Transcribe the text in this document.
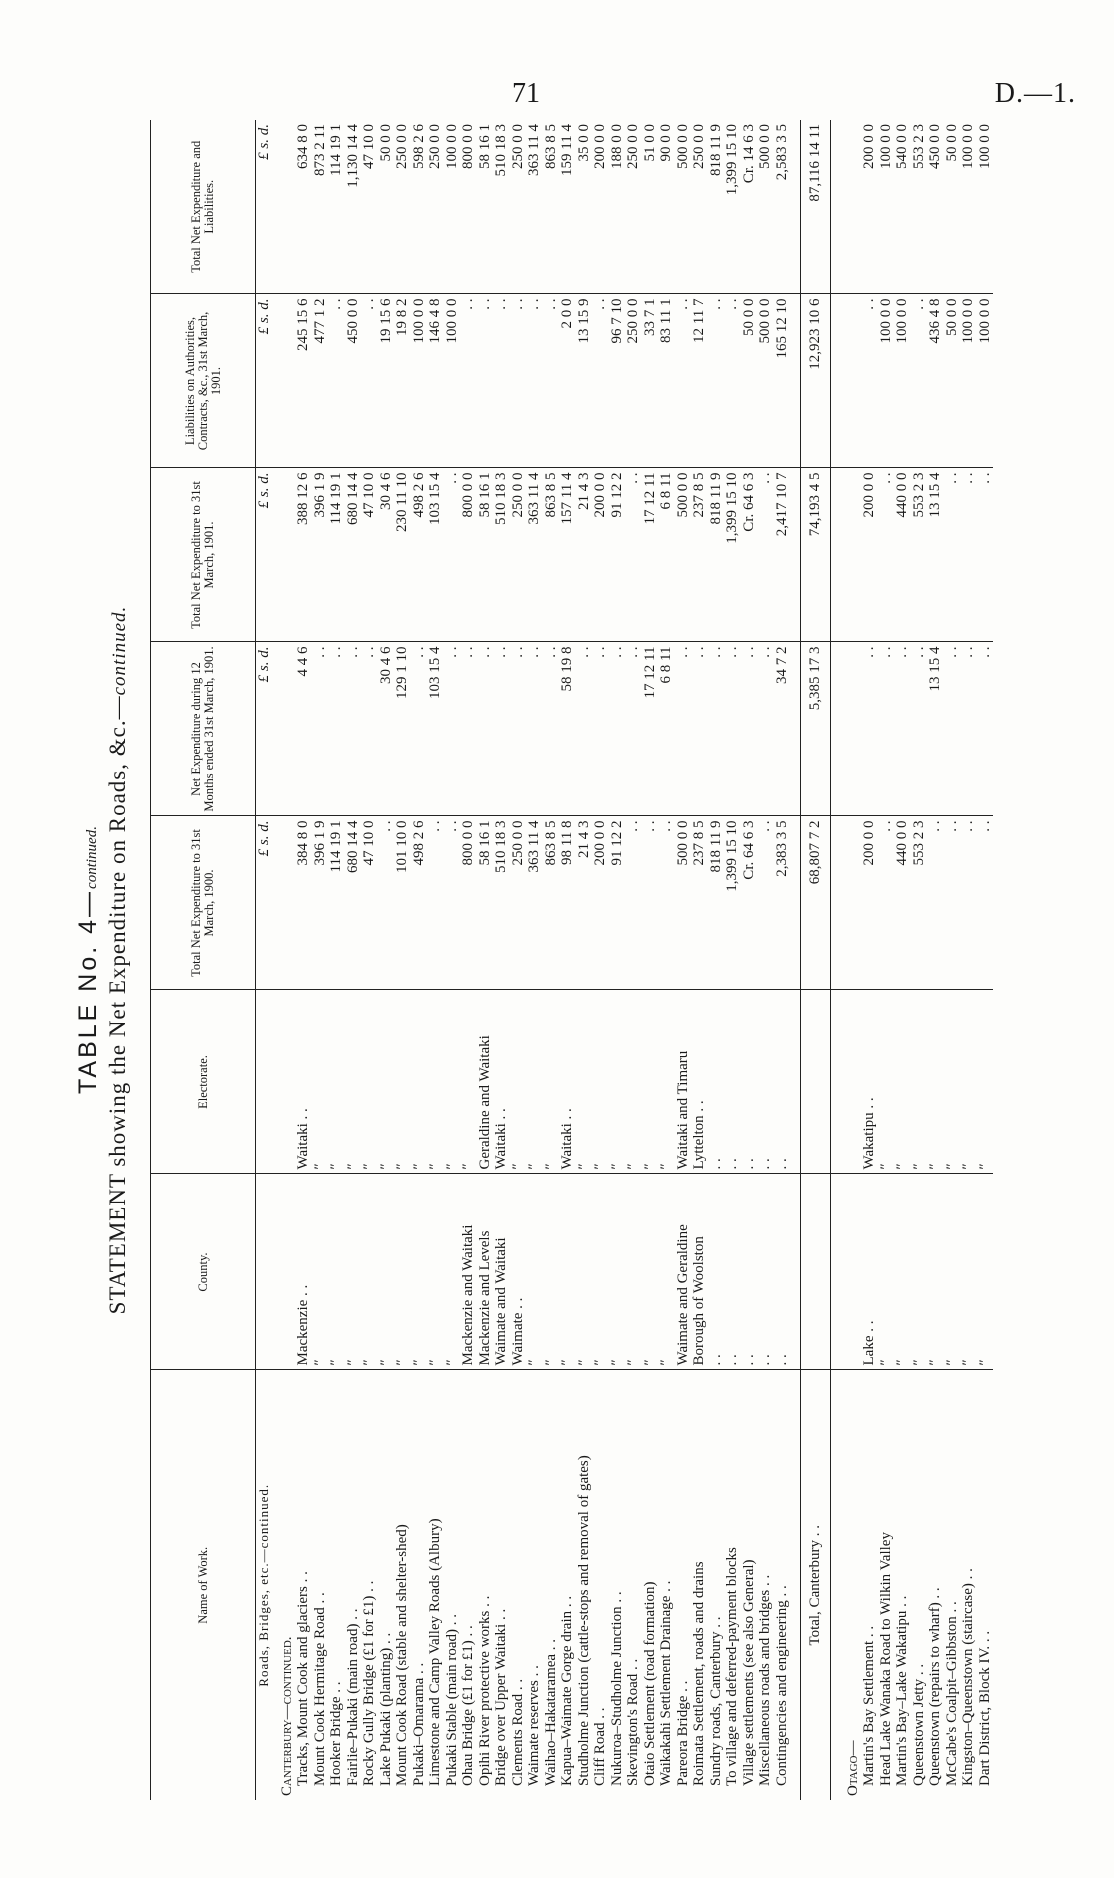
71	D.—1.
TABLE No. 4—continued. STATEMENT showing the Net Expenditure on Roads, &c.—continued.
Name of Work.	County.	Electorate.	Total Net Expenditure to 31st March, 1900.	Net Expenditure during 12 Months ended 31st March, 1901.	Total Net Expenditure to 31st March, 1901.	Liabilities on Authorities, Contracts, &c., 31st March, 1901.	Total Net Expenditure and Liabilities.
Roads, Bridges, etc.—continued.			£ s. d.	£ s. d.	£ s. d.	£ s. d.	£ s. d.
Canterbury—continued.							
Tracks, Mount Cook and glaciers . .	Mackenzie . .	Waitaki . .	384 8 0	4 4 6	388 12 6	245 15 6	634 8 0
Mount Cook Hermitage Road . .	″	″	396 1 9	. .	396 1 9	477 1 2	873 2 11
Hooker Bridge . .	″	″	114 19 1	. .	114 19 1	. .	114 19 1
Fairlie–Pukaki (main road) . .	″	″	680 14 4	. .	680 14 4	450 0 0	1,130 14 4
Rocky Gully Bridge (£1 for £1) . .	″	″	47 10 0	. .	47 10 0	. .	47 10 0
Lake Pukaki (planting) . .	″	″	. .	30 4 6	30 4 6	19 15 6	50 0 0
Mount Cook Road (stable and shelter-shed)	″	″	101 10 0	129 1 10	230 11 10	19 8 2	250 0 0
Pukaki–Omarama . .	″	″	498 2 6	. .	498 2 6	100 0 0	598 2 6
Limestone and Camp Valley Roads (Albury)	″	″	. .	103 15 4	103 15 4	146 4 8	250 0 0
Pukaki Stable (main road) . .	″	″	. .	. .	. .	100 0 0	100 0 0
Ohau Bridge (£1 for £1) . .	Mackenzie and Waitaki	″	800 0 0	. .	800 0 0	. .	800 0 0
Opihi River protective works . .	Mackenzie and Levels	Geraldine and Waitaki	58 16 1	. .	58 16 1	. .	58 16 1
Bridge over Upper Waitaki . .	Waimate and Waitaki	Waitaki . .	510 18 3	. .	510 18 3	. .	510 18 3
Clements Road . .	Waimate . .	″	250 0 0	. .	250 0 0	. .	250 0 0
Waimate reserves . .	″	″	363 11 4	. .	363 11 4	. .	363 11 4
Waihao–Hakataramea . .	″	″	863 8 5	. .	863 8 5	. .	863 8 5
Kapua–Waimate Gorge drain . .	″	Waitaki . .	98 11 8	58 19 8	157 11 4	2 0 0	159 11 4
Studholme Junction (cattle-stops and removal of gates)	″	″	21 4 3	. .	21 4 3	13 15 9	35 0 0
Cliff Road . .	″	″	200 0 0	. .	200 0 0	. .	200 0 0
Nukuroa–Studholme Junction . .	″	″	91 12 2	. .	91 12 2	96 7 10	188 0 0
Skevington's Road . .	″	″	. .	. .	. .	250 0 0	250 0 0
Otaio Settlement (road formation)	″	″	. .	17 12 11	17 12 11	33 7 1	51 0 0
Waikakahi Settlement Drainage . .	″	″	. .	6 8 11	6 8 11	83 11 1	90 0 0
Pareora Bridge . .	Waimate and Geraldine	Waitaki and Timaru	500 0 0	. .	500 0 0	. .	500 0 0
Roimata Settlement, roads and drains	Borough of Woolston	Lyttelton . .	237 8 5	. .	237 8 5	12 11 7	250 0 0
Sundry roads, Canterbury . .	. .	. .	818 11 9	. .	818 11 9	. .	818 11 9
To village and deferred-payment blocks	. .	. .	1,399 15 10	. .	1,399 15 10	. .	1,399 15 10
Village settlements (see also General)	. .	. .	Cr. 64 6 3	. .	Cr. 64 6 3	50 0 0	Cr. 14 6 3
Miscellaneous roads and bridges . .	. .	. .	. .	. .	. .	500 0 0	500 0 0
Contingencies and engineering . .	. .	. .	2,383 3 5	34 7 2	2,417 10 7	165 12 10	2,583 3 5

Total, Canterbury . .			68,807 7 2	5,385 17 3	74,193 4 5	12,923 10 6	87,116 14 11
Otago—							
Martin's Bay Settlement . .	Lake . .	Wakatipu . .	200 0 0	. .	200 0 0	. .	200 0 0
Head Lake Wanaka Road to Wilkin Valley	″	″	. .	. .	. .	100 0 0	100 0 0
Martin's Bay–Lake Wakatipu . .	″	″	440 0 0	. .	440 0 0	100 0 0	540 0 0
Queenstown Jetty . .	″	″	553 2 3	. .	553 2 3	. .	553 2 3
Queenstown (repairs to wharf) . .	″	″	. .	13 15 4	13 15 4	436 4 8	450 0 0
McCabe's Coalpit–Gibbston . .	″	″	. .	. .	. .	50 0 0	50 0 0
Kingston–Queenstown (staircase) . .	″	″	. .	. .	. .	100 0 0	100 0 0
Dart District, Block IV. . .	″	″	. .	. .	. .	100 0 0	100 0 0
